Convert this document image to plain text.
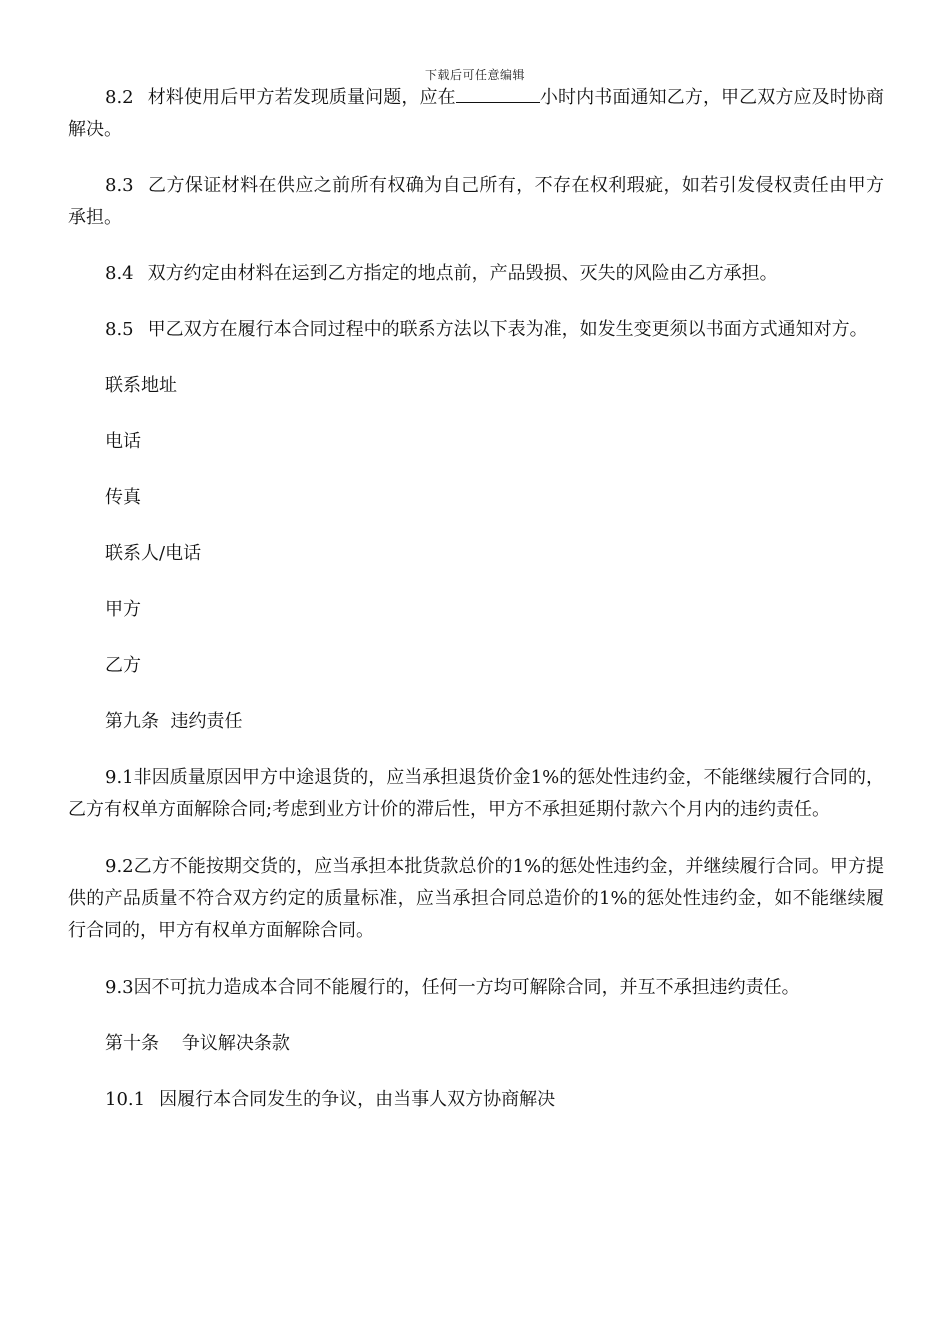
下载后可任意编辑

8.2 材料使用后甲方若发现质量问题，应在	小时内书面通知乙方，甲乙双方应及时协商解决。

8.3 乙方保证材料在供应之前所有权确为自己所有，不存在权利瑕疵，如若引发侵权责任由甲方承担。

8.4 双方约定由材料在运到乙方指定的地点前，产品毁损、灭失的风险由乙方承担。

8.5 甲乙双方在履行本合同过程中的联系方法以下表为准，如发生变更须以书面方式通知对方。

联系地址

电话

传真

联系人/电话

甲方

乙方

第九条  违约责任

9.1非因质量原因甲方中途退货的，应当承担退货价金1%的惩处性违约金，不能继续履行合同的，乙方有权单方面解除合同;考虑到业方计价的滞后性，甲方不承担延期付款六个月内的违约责任。

9.2乙方不能按期交货的，应当承担本批货款总价的1%的惩处性违约金，并继续履行合同。甲方提供的产品质量不符合双方约定的质量标准，应当承担合同总造价的1%的惩处性违约金，如不能继续履行合同的，甲方有权单方面解除合同。

9.3因不可抗力造成本合同不能履行的，任何一方均可解除合同，并互不承担违约责任。

第十条    争议解决条款

10.1 因履行本合同发生的争议，由当事人双方协商解决
